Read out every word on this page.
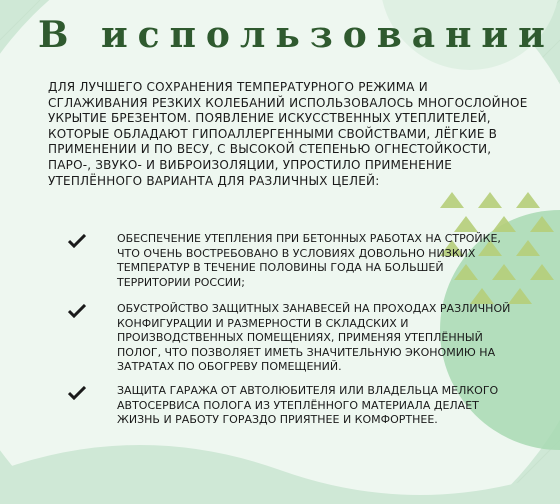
В использовании
ДЛЯ ЛУЧШЕГО СОХРАНЕНИЯ ТЕМПЕРАТУРНОГО РЕЖИМА И СГЛАЖИВАНИЯ РЕЗКИХ КОЛЕБАНИЙ ИСПОЛЬЗОВАЛОСЬ МНОГОСЛОЙНОЕ УКРЫТИЕ БРЕЗЕНТОМ. ПОЯВЛЕНИЕ ИСКУССТВЕННЫХ УТЕПЛИТЕЛЕЙ, КОТОРЫЕ ОБЛАДАЮТ ГИПОАЛЛЕРГЕННЫМИ СВОЙСТВАМИ, ЛЁГКИЕ В ПРИМЕНЕНИИ И ПО ВЕСУ, С ВЫСОКОЙ СТЕПЕНЬЮ ОГНЕСТОЙКОСТИ, ПАРО-, ЗВУКО- И ВИБРОИЗОЛЯЦИИ, УПРОСТИЛО ПРИМЕНЕНИЕ УТЕПЛЁННОГО ВАРИАНТА ДЛЯ РАЗЛИЧНЫХ ЦЕЛЕЙ:
ОБЕСПЕЧЕНИЕ УТЕПЛЕНИЯ ПРИ БЕТОННЫХ РАБОТАХ НА СТРОЙКЕ, ЧТО ОЧЕНЬ ВОСТРЕБОВАНО В УСЛОВИЯХ ДОВОЛЬНО НИЗКИХ ТЕМПЕРАТУР В ТЕЧЕНИЕ ПОЛОВИНЫ ГОДА НА БОЛЬШЕЙ ТЕРРИТОРИИ РОССИИ;
ОБУСТРОЙСТВО ЗАЩИТНЫХ ЗАНАВЕСЕЙ НА ПРОХОДАХ РАЗЛИЧНОЙ КОНФИГУРАЦИИ И РАЗМЕРНОСТИ В СКЛАДСКИХ И ПРОИЗВОДСТВЕННЫХ ПОМЕЩЕНИЯХ, ПРИМЕНЯЯ УТЕПЛЁННЫЙ ПОЛОГ, ЧТО ПОЗВОЛЯЕТ ИМЕТЬ ЗНАЧИТЕЛЬНУЮ ЭКОНОМИЮ НА ЗАТРАТАХ ПО ОБОГРЕВУ ПОМЕЩЕНИЙ.
ЗАЩИТА ГАРАЖА ОТ АВТОЛЮБИТЕЛЯ ИЛИ ВЛАДЕЛЬЦА МЕЛКОГО АВТОСЕРВИСА ПОЛОГА ИЗ УТЕПЛЁННОГО МАТЕРИАЛА ДЕЛАЕТ ЖИЗНЬ И РАБОТУ ГОРАЗДО ПРИЯТНЕЕ И КОМФОРТНЕЕ.
